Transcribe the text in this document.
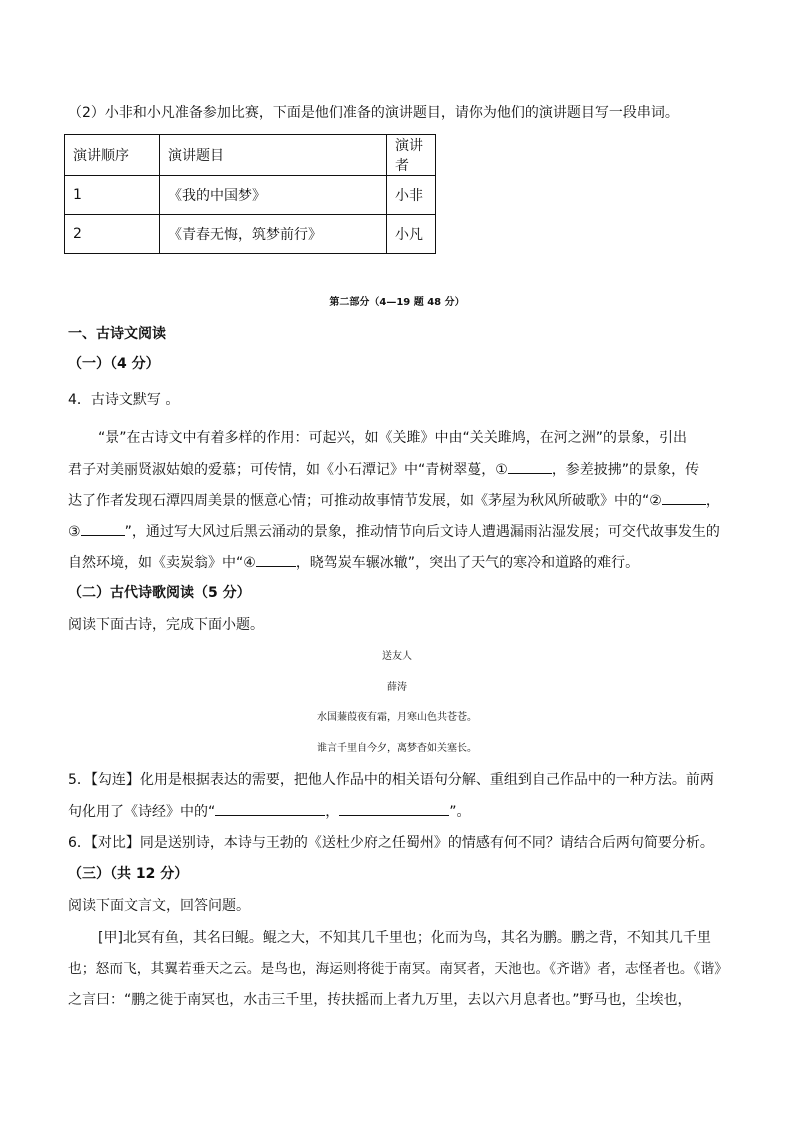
（2）小非和小凡准备参加比赛，下面是他们准备的演讲题目，请你为他们的演讲题目写一段串词。
演讲顺序	演讲题目	演讲者
1	《我的中国梦》	小非
2	《青春无悔，筑梦前行》	小凡
第二部分（4—19 题 48 分）
一、古诗文阅读
（一）（4 分）
4．古诗文默写 。
“景”在古诗文中有着多样的作用：可起兴，如《关雎》中由“关关雎鸠，在河之洲”的景象，引出
君子对美丽贤淑姑娘的爱慕；可传情，如《小石潭记》中“青树翠蔓，①	，参差披拂”的景象，传
达了作者发现石潭四周美景的惬意心情；可推动故事情节发展，如《茅屋为秋风所破歌》中的“②	，
③	”，通过写大风过后黑云涌动的景象，推动情节向后文诗人遭遇漏雨沾湿发展；可交代故事发生的
自然环境，如《卖炭翁》中“④	，晓驾炭车辗冰辙”，突出了天气的寒冷和道路的难行。
（二）古代诗歌阅读（5 分）
阅读下面古诗，完成下面小题。
送友人
薛涛
水国蒹葭夜有霜，月寒山色共苍苍。
谁言千里自今夕，离梦杳如关塞长。
5．【勾连】化用是根据表达的需要，把他人作品中的相关语句分解、重组到自己作品中的一种方法。前两
句化用了《诗经》中的“	，	”。
6．【对比】同是送别诗，本诗与王勃的《送杜少府之任蜀州》的情感有何不同？请结合后两句简要分析。
（三）（共 12 分）
阅读下面文言文，回答问题。
[甲]北冥有鱼，其名曰鲲。鲲之大，不知其几千里也；化而为鸟，其名为鹏。鹏之背，不知其几千里
也；怒而飞，其翼若垂天之云。是鸟也，海运则将徙于南冥。南冥者，天池也。《齐谐》者，志怪者也。《谐》
之言曰：“鹏之徙于南冥也，水击三千里，抟扶摇而上者九万里，去以六月息者也。”野马也，尘埃也，
